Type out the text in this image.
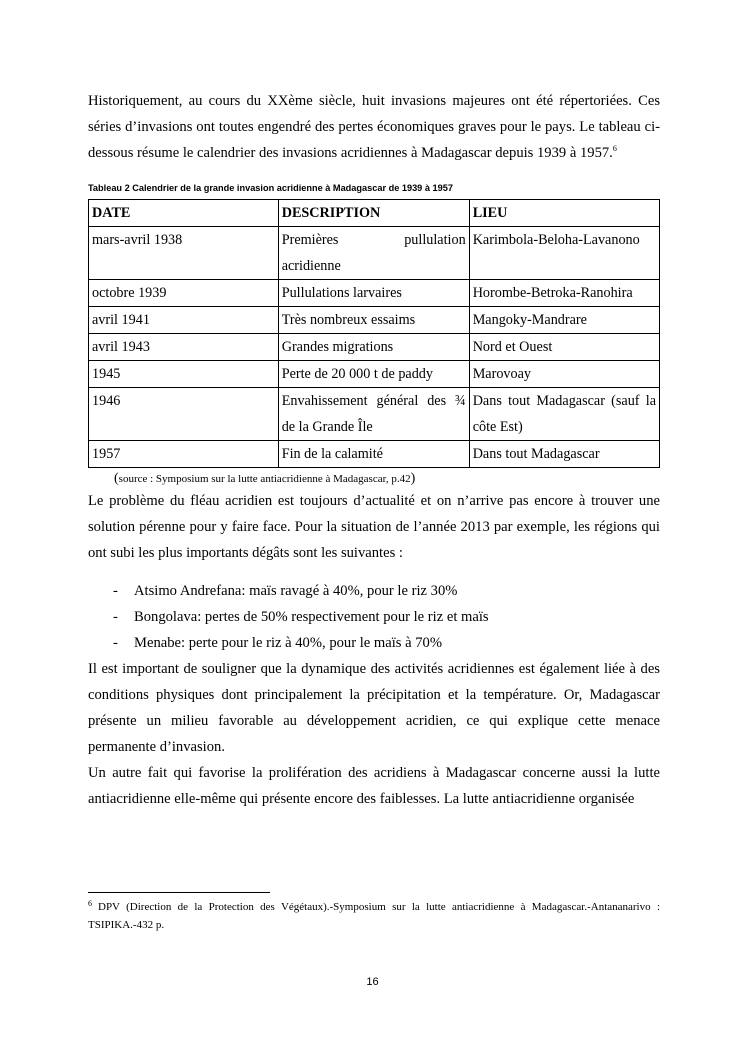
Historiquement, au cours du XXème siècle, huit invasions majeures ont été répertoriées. Ces séries d’invasions ont toutes engendré des pertes économiques graves pour le pays. Le tableau ci-dessous résume le calendrier des invasions acridiennes à Madagascar depuis 1939 à 1957.$^6$

Tableau 2 Calendrier de la grande invasion acridienne à Madagascar de 1939 à 1957
DATE	DESCRIPTION	LIEU
mars-avril 1938	Premières pullulation acridienne	Karimbola-Beloha-Lavanono
octobre 1939	Pullulations larvaires	Horombe-Betroka-Ranohira
avril 1941	Très nombreux essaims	Mangoky-Mandrare
avril 1943	Grandes migrations	Nord et Ouest
1945	Perte de 20 000 t de paddy	Marovoay
1946	Envahissement général des ¾ de la Grande Île	Dans tout Madagascar (sauf la côte Est)
1957	Fin de la calamité	Dans tout Madagascar
(source : Symposium sur la lutte antiacridienne à Madagascar, p.42)

Le problème du fléau acridien est toujours d’actualité et on n’arrive pas encore à trouver une solution pérenne pour y faire face. Pour la situation de l’année 2013 par exemple, les régions qui ont subi les plus importants dégâts sont les suivantes :

- Atsimo Andrefana: maïs ravagé à 40%, pour le riz 30%
- Bongolava: pertes de 50% respectivement pour le riz et maïs
- Menabe: perte pour le riz à 40%, pour le maïs à 70%

Il est important de souligner que la dynamique des activités acridiennes est également liée à des conditions physiques dont principalement la précipitation et la température. Or, Madagascar présente un milieu favorable au développement acridien, ce qui explique cette menace permanente d’invasion.

Un autre fait qui favorise la prolifération des acridiens à Madagascar concerne aussi la lutte antiacridienne elle-même qui présente encore des faiblesses. La lutte antiacridienne organisée

$^6$ DPV (Direction de la Protection des Végétaux).-Symposium sur la lutte antiacridienne à Madagascar.-Antananarivo : TSIPIKA.-432 p.
16
